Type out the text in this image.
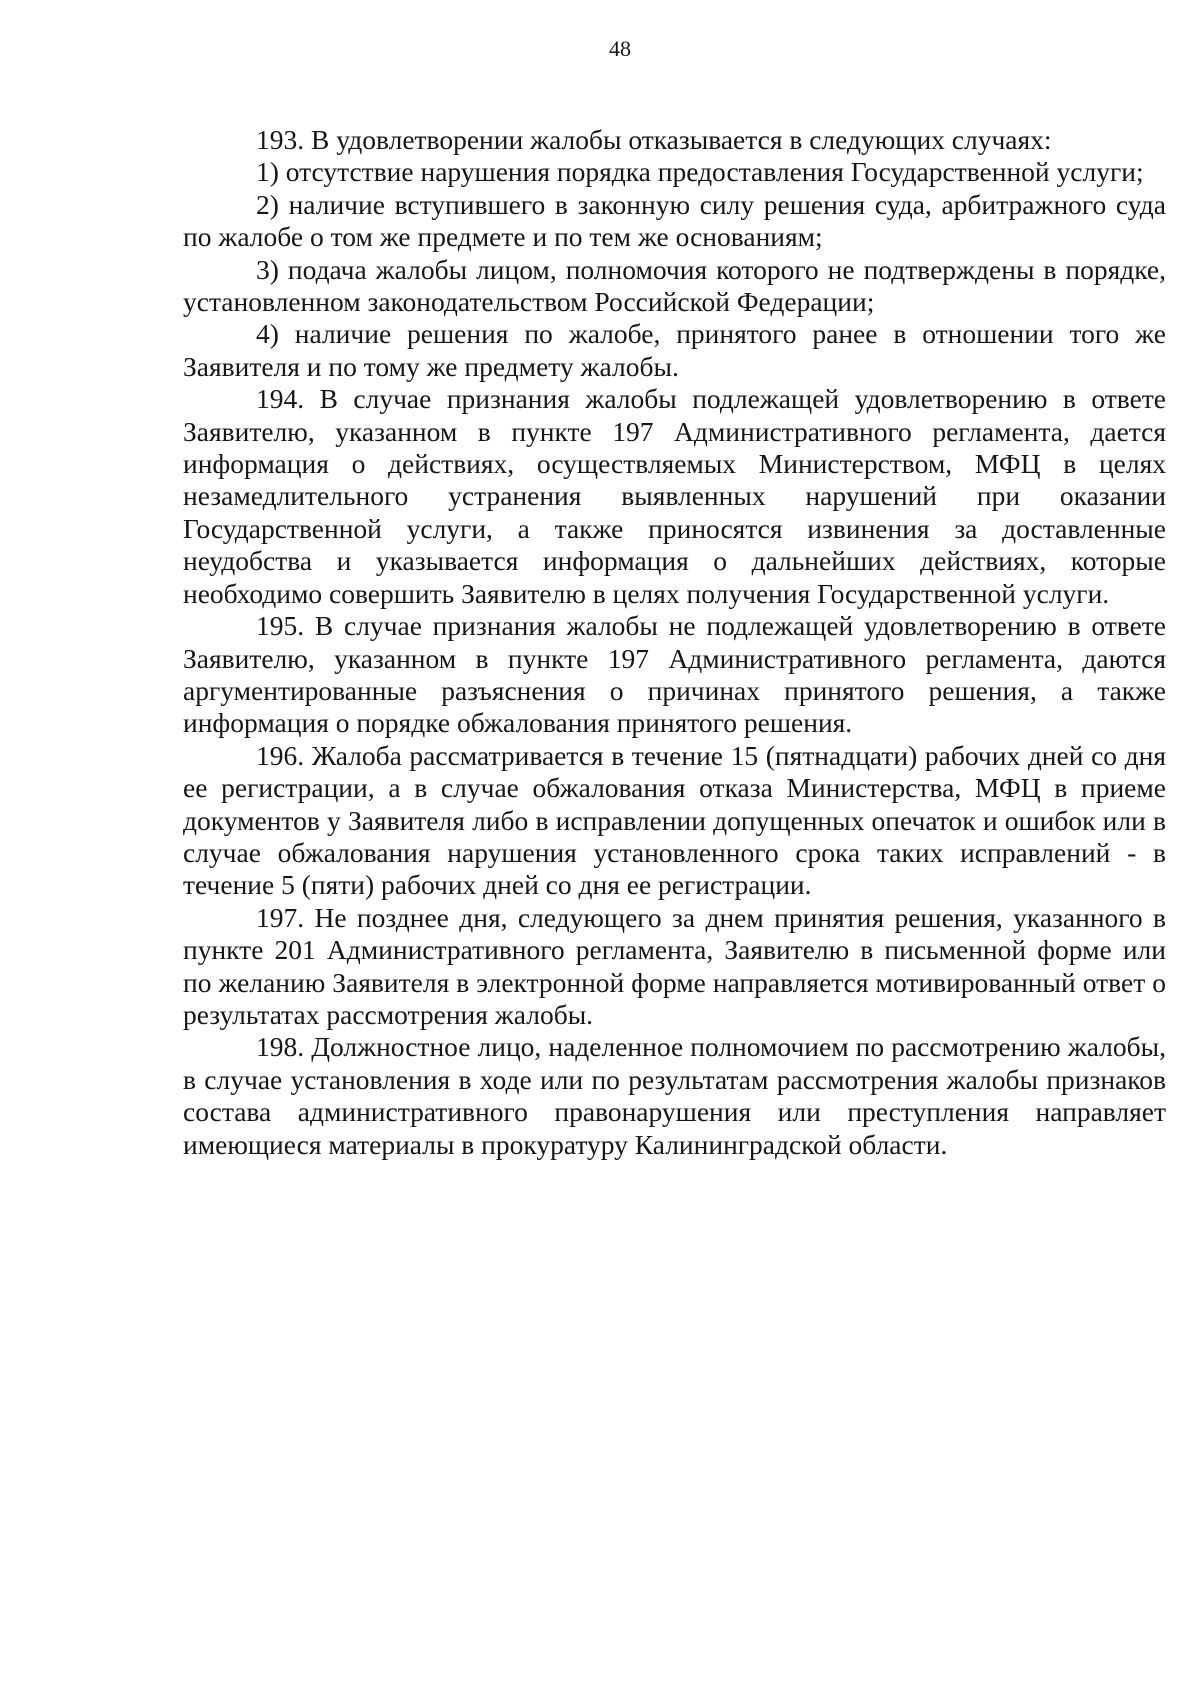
48

193. В удовлетворении жалобы отказывается в следующих случаях:

1) отсутствие нарушения порядка предоставления Государственной услуги;

2) наличие вступившего в законную силу решения суда, арбитражного суда по жалобе о том же предмете и по тем же основаниям;

3) подача жалобы лицом, полномочия которого не подтверждены в порядке, установленном законодательством Российской Федерации;

4) наличие решения по жалобе, принятого ранее в отношении того же Заявителя и по тому же предмету жалобы.

194. В случае признания жалобы подлежащей удовлетворению в ответе Заявителю, указанном в пункте 197 Административного регламента, дается информация о действиях, осуществляемых Министерством, МФЦ в целях незамедлительного устранения выявленных нарушений при оказании Государственной услуги, а также приносятся извинения за доставленные неудобства и указывается информация о дальнейших действиях, которые необходимо совершить Заявителю в целях получения Государственной услуги.

195. В случае признания жалобы не подлежащей удовлетворению в ответе Заявителю, указанном в пункте 197 Административного регламента, даются аргументированные разъяснения о причинах принятого решения, а также информация о порядке обжалования принятого решения.

196. Жалоба рассматривается в течение 15 (пятнадцати) рабочих дней со дня ее регистрации, а в случае обжалования отказа Министерства, МФЦ в приеме документов у Заявителя либо в исправлении допущенных опечаток и ошибок или в случае обжалования нарушения установленного срока таких исправлений - в течение 5 (пяти) рабочих дней со дня ее регистрации.

197. Не позднее дня, следующего за днем принятия решения, указанного в пункте 201 Административного регламента, Заявителю в письменной форме или по желанию Заявителя в электронной форме направляется мотивированный ответ о результатах рассмотрения жалобы.

198. Должностное лицо, наделенное полномочием по рассмотрению жалобы, в случае установления в ходе или по результатам рассмотрения жалобы признаков состава административного правонарушения или преступления направляет имеющиеся материалы в прокуратуру Калининградской области.
